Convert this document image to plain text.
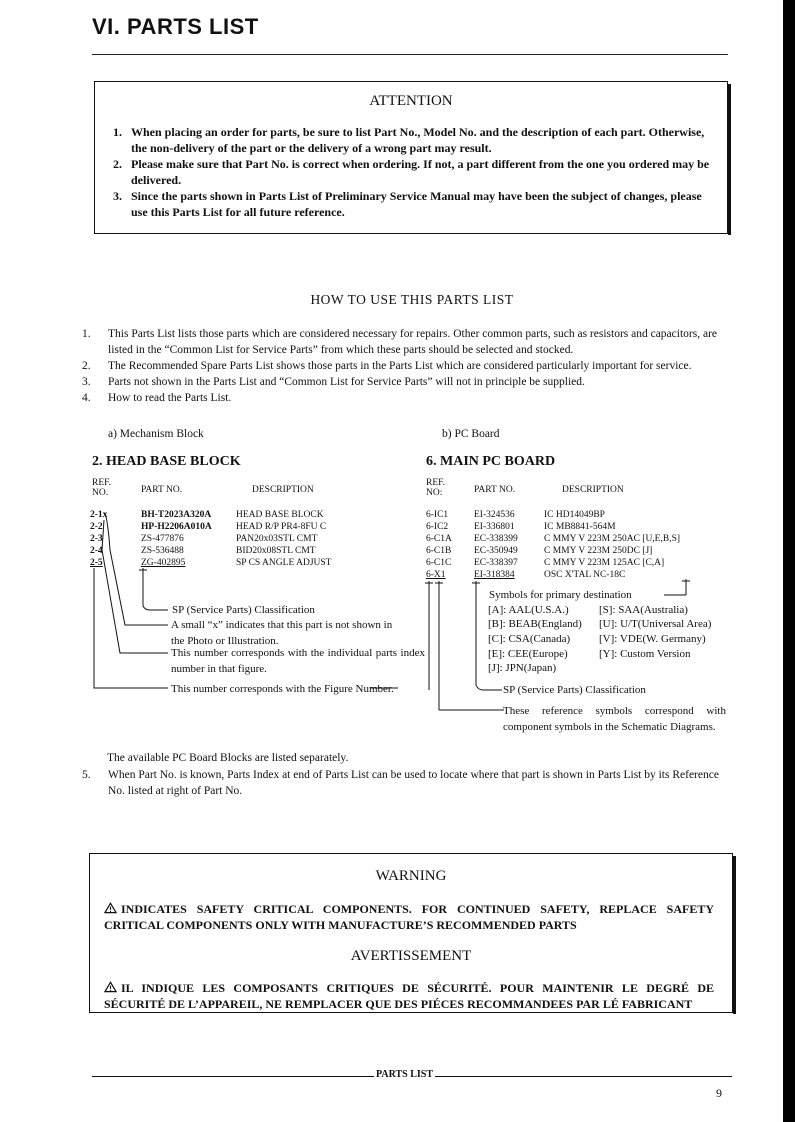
VI. PARTS LIST
ATTENTION
1. When placing an order for parts, be sure to list Part No., Model No. and the description of each part. Otherwise, the non-delivery of the part or the delivery of a wrong part may result.
2. Please make sure that Part No. is correct when ordering. If not, a part different from the one you ordered may be delivered.
3. Since the parts shown in Parts List of Preliminary Service Manual may have been the subject of changes, please use this Parts List for all future reference.
HOW TO USE THIS PARTS LIST
1. This Parts List lists those parts which are considered necessary for repairs. Other common parts, such as resistors and capacitors, are listed in the “Common List for Service Parts” from which these parts should be selected and stocked.
2. The Recommended Spare Parts List shows those parts in the Parts List which are considered particularly important for service.
3. Parts not shown in the Parts List and “Common List for Service Parts” will not in principle be supplied.
4. How to read the Parts List.
a) Mechanism Block	b) PC Board
2. HEAD BASE BLOCK
REF.
NO.	PART NO.	DESCRIPTION
2-1x	BH-T2023A320A	HEAD BASE BLOCK
2-2	HP-H2206A010A	HEAD R/P PR4-8FU C
2-3	ZS-477876	PAN20x03STL CMT
2-4	ZS-536488	BID20x08STL CMT
2-5	ZG-402895	SP CS ANGLE ADJUST
SP (Service Parts) Classification
A small “x” indicates that this part is not shown in the Photo or Illustration.
This number corresponds with the individual parts index number in that figure.
This number corresponds with the Figure Number.
6. MAIN PC BOARD
REF.
NO:	PART NO.	DESCRIPTION
6-IC1	EI-324536	IC HD14049BP
6-IC2	EI-336801	IC MB8841-564M
6-C1A EC-338399	C MMY V 223M 250AC [U,E,B,S]
6-C1B EC-350949	C MMY V 223M 250DC [J]
6-C1C EC-338397	C MMY V 223M 125AC [C,A]
6-X1	EI-318384	OSC X'TAL NC-18C
Symbols for primary destination
[A]: AAL(U.S.A.)	[S]: SAA(Australia)
[B]: BEAB(England) [U]: U/T(Universal Area)
[C]: CSA(Canada)	[V]: VDE(W. Germany)
[E]: CEE(Europe)	[Y]: Custom Version
[J]: JPN(Japan)
SP (Service Parts) Classification
These reference symbols correspond with component symbols in the Schematic Diagrams.
The available PC Board Blocks are listed separately.
5.	When Part No. is known, Parts Index at end of Parts List can be used to locate where that part is shown in Parts List by its Reference No. listed at right of Part No.
WARNING
INDICATES SAFETY CRITICAL COMPONENTS. FOR CONTINUED SAFETY, REPLACE SAFETY CRITICAL COMPONENTS ONLY WITH MANUFACTURE’S RECOMMENDED PARTS
AVERTISSEMENT
IL INDIQUE LES COMPOSANTS CRITIQUES DE SÉCURITÉ. POUR MAINTENIR LE DEGRÉ DE SÉCURITÉ DE L’APPAREIL, NE REMPLACER QUE DES PIÉCES RECOMMANDEES PAR LÉ FABRICANT
PARTS LIST
9
